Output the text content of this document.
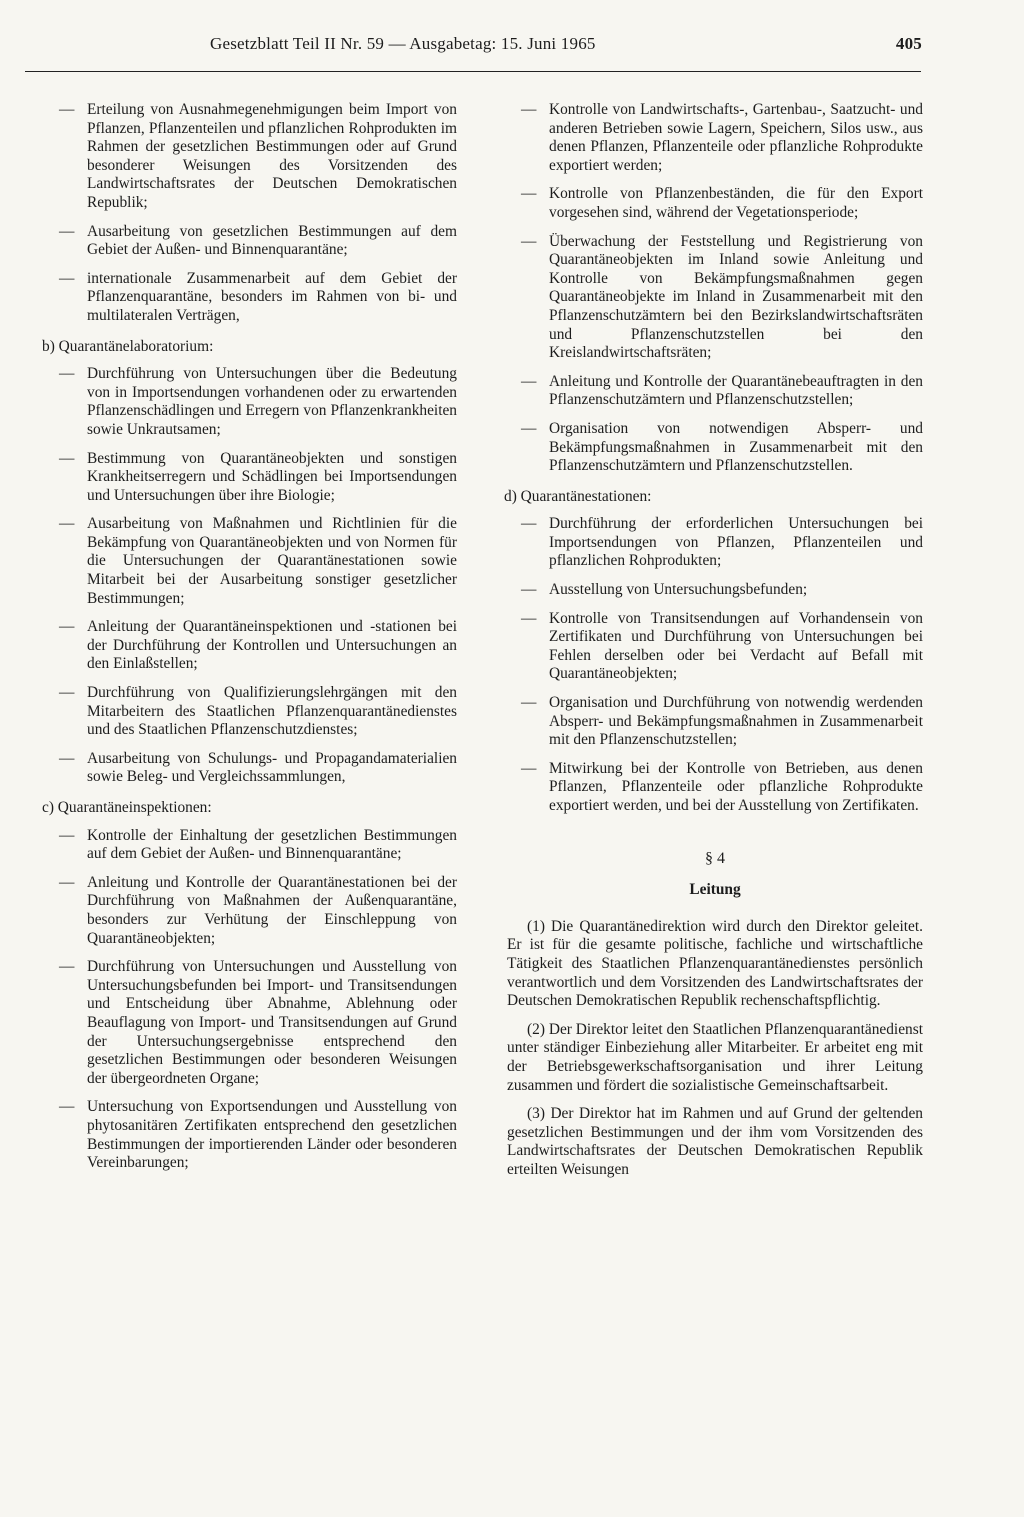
Gesetzblatt Teil II Nr. 59 — Ausgabetag: 15. Juni 1965	405
— Erteilung von Ausnahmegenehmigungen beim Import von Pflanzen, Pflanzenteilen und pflanzlichen Rohprodukten im Rahmen der gesetzlichen Bestimmungen oder auf Grund besonderer Weisungen des Vorsitzenden des Landwirtschaftsrates der Deutschen Demokratischen Republik;
— Ausarbeitung von gesetzlichen Bestimmungen auf dem Gebiet der Außen- und Binnenquarantäne;
— internationale Zusammenarbeit auf dem Gebiet der Pflanzenquarantäne, besonders im Rahmen von bi- und multilateralen Verträgen,
b) Quarantänelaboratorium:
— Durchführung von Untersuchungen über die Bedeutung von in Importsendungen vorhandenen oder zu erwartenden Pflanzenschädlingen und Erregern von Pflanzenkrankheiten sowie Unkrautsamen;
— Bestimmung von Quarantäneobjekten und sonstigen Krankheitserregern und Schädlingen bei Importsendungen und Untersuchungen über ihre Biologie;
— Ausarbeitung von Maßnahmen und Richtlinien für die Bekämpfung von Quarantäneobjekten und von Normen für die Untersuchungen der Quarantänestationen sowie Mitarbeit bei der Ausarbeitung sonstiger gesetzlicher Bestimmungen;
— Anleitung der Quarantäneinspektionen und -stationen bei der Durchführung der Kontrollen und Untersuchungen an den Einlaßstellen;
— Durchführung von Qualifizierungslehrgängen mit den Mitarbeitern des Staatlichen Pflanzenquarantänedienstes und des Staatlichen Pflanzenschutzdienstes;
— Ausarbeitung von Schulungs- und Propagandamaterialien sowie Beleg- und Vergleichssammlungen,
c) Quarantäneinspektionen:
— Kontrolle der Einhaltung der gesetzlichen Bestimmungen auf dem Gebiet der Außen- und Binnenquarantäne;
— Anleitung und Kontrolle der Quarantänestationen bei der Durchführung von Maßnahmen der Außenquarantäne, besonders zur Verhütung der Einschleppung von Quarantäneobjekten;
— Durchführung von Untersuchungen und Ausstellung von Untersuchungsbefunden bei Import- und Transitsendungen und Entscheidung über Abnahme, Ablehnung oder Beauflagung von Import- und Transitsendungen auf Grund der Untersuchungsergebnisse entsprechend den gesetzlichen Bestimmungen oder besonderen Weisungen der übergeordneten Organe;
— Untersuchung von Exportsendungen und Ausstellung von phytosanitären Zertifikaten entsprechend den gesetzlichen Bestimmungen der importierenden Länder oder besonderen Vereinbarungen;
— Kontrolle von Landwirtschafts-, Gartenbau-, Saatzucht- und anderen Betrieben sowie Lagern, Speichern, Silos usw., aus denen Pflanzen, Pflanzenteile oder pflanzliche Rohprodukte exportiert werden;
— Kontrolle von Pflanzenbeständen, die für den Export vorgesehen sind, während der Vegetationsperiode;
— Überwachung der Feststellung und Registrierung von Quarantäneobjekten im Inland sowie Anleitung und Kontrolle von Bekämpfungsmaßnahmen gegen Quarantäneobjekte im Inland in Zusammenarbeit mit den Pflanzenschutzämtern bei den Bezirkslandwirtschaftsräten und Pflanzenschutzstellen bei den Kreislandwirtschaftsräten;
— Anleitung und Kontrolle der Quarantänebeauftragten in den Pflanzenschutzämtern und Pflanzenschutzstellen;
— Organisation von notwendigen Absperr- und Bekämpfungsmaßnahmen in Zusammenarbeit mit den Pflanzenschutzämtern und Pflanzenschutzstellen.
d) Quarantänestationen:
— Durchführung der erforderlichen Untersuchungen bei Importsendungen von Pflanzen, Pflanzenteilen und pflanzlichen Rohprodukten;
— Ausstellung von Untersuchungsbefunden;
— Kontrolle von Transitsendungen auf Vorhandensein von Zertifikaten und Durchführung von Untersuchungen bei Fehlen derselben oder bei Verdacht auf Befall mit Quarantäneobjekten;
— Organisation und Durchführung von notwendig werdenden Absperr- und Bekämpfungsmaßnahmen in Zusammenarbeit mit den Pflanzenschutzstellen;
— Mitwirkung bei der Kontrolle von Betrieben, aus denen Pflanzen, Pflanzenteile oder pflanzliche Rohprodukte exportiert werden, und bei der Ausstellung von Zertifikaten.
§ 4
Leitung
(1) Die Quarantänedirektion wird durch den Direktor geleitet. Er ist für die gesamte politische, fachliche und wirtschaftliche Tätigkeit des Staatlichen Pflanzenquarantänedienstes persönlich verantwortlich und dem Vorsitzenden des Landwirtschaftsrates der Deutschen Demokratischen Republik rechenschaftspflichtig.
(2) Der Direktor leitet den Staatlichen Pflanzenquarantänedienst unter ständiger Einbeziehung aller Mitarbeiter. Er arbeitet eng mit der Betriebsgewerkschaftsorganisation und ihrer Leitung zusammen und fördert die sozialistische Gemeinschaftsarbeit.
(3) Der Direktor hat im Rahmen und auf Grund der geltenden gesetzlichen Bestimmungen und der ihm vom Vorsitzenden des Landwirtschaftsrates der Deutschen Demokratischen Republik erteilten Weisungen
